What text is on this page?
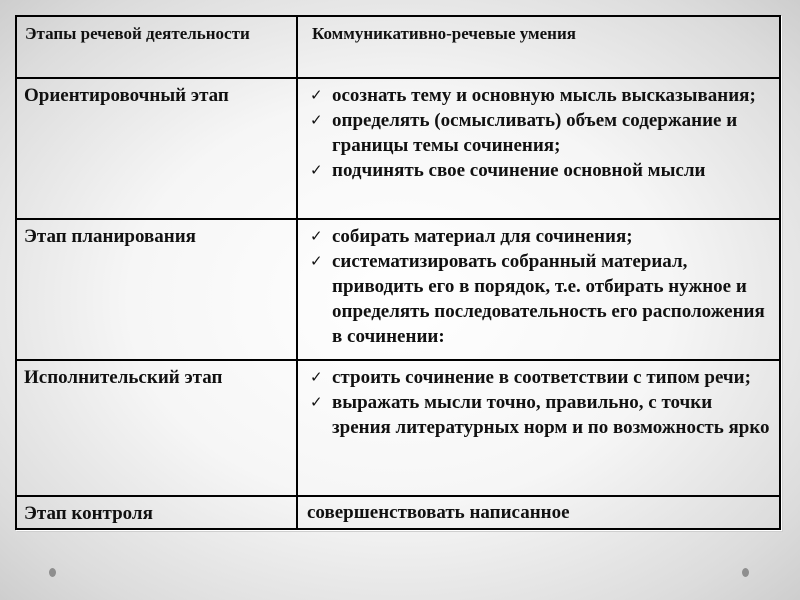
Этапы речевой деятельности	Коммуникативно-речевые умения

Ориентировочный этап	✓ осознать тему и основную мысль высказывания;
✓ определять (осмысливать) объем содержание и границы темы сочинения;
✓ подчинять свое сочинение основной мысли

Этап планирования	✓ собирать материал для сочинения;
✓ систематизировать собранный материал, приводить его в порядок, т.е. отбирать нужное и определять последовательность его расположения в сочинении:

Исполнительский этап	✓ строить сочинение в соответствии с типом речи;
✓ выражать мысли точно, правильно, с точки зрения литературных норм и по возможность ярко

Этап контроля	совершенствовать написанное
